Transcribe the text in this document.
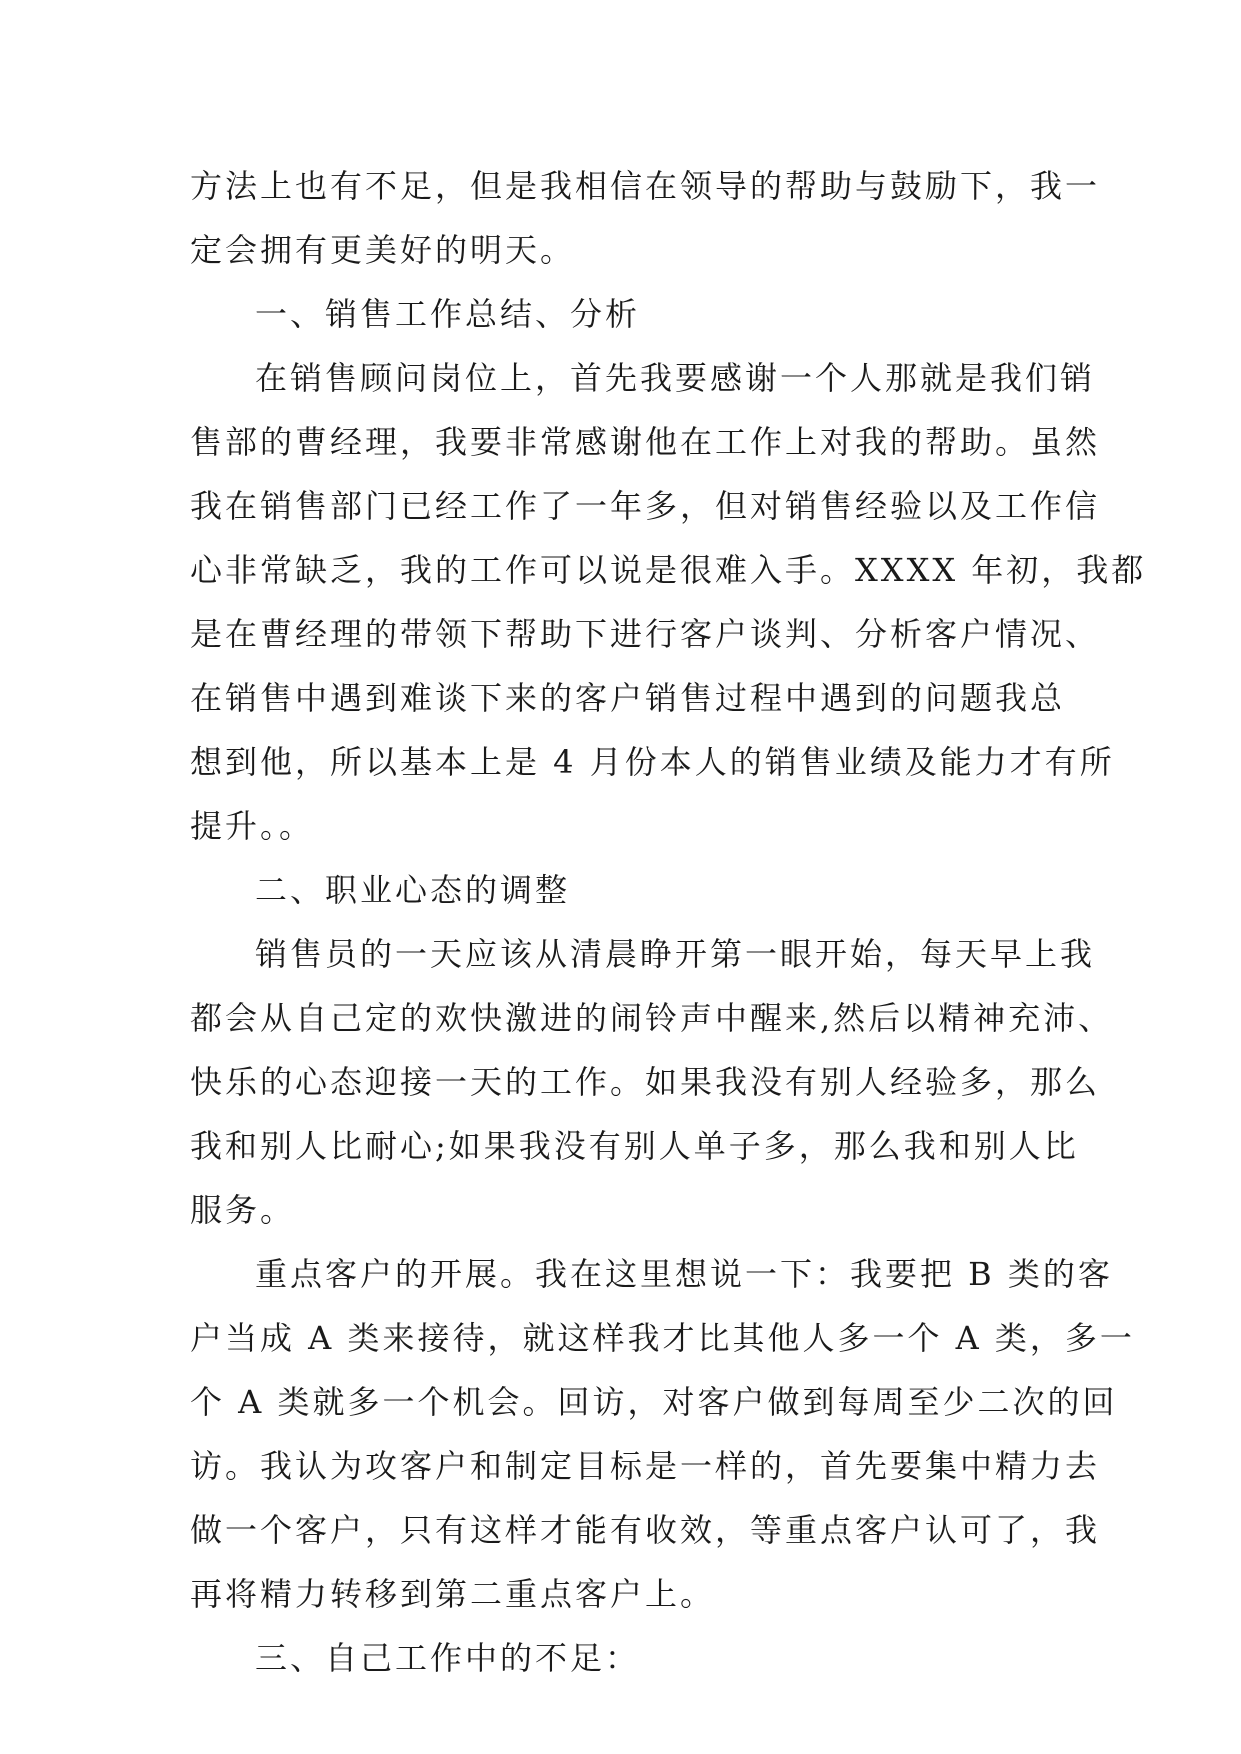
方法上也有不足，但是我相信在领导的帮助与鼓励下，我一
定会拥有更美好的明天。
一、销售工作总结、分析
在销售顾问岗位上，首先我要感谢一个人那就是我们销
售部的曹经理，我要非常感谢他在工作上对我的帮助。虽然
我在销售部门已经工作了一年多，但对销售经验以及工作信
心非常缺乏，我的工作可以说是很难入手。XXXX 年初，我都
是在曹经理的带领下帮助下进行客户谈判、分析客户情况、
在销售中遇到难谈下来的客户销售过程中遇到的问题我总
想到他，所以基本上是 4 月份本人的销售业绩及能力才有所
提升。。
二、职业心态的调整
销售员的一天应该从清晨睁开第一眼开始，每天早上我
都会从自己定的欢快激进的闹铃声中醒来,然后以精神充沛、
快乐的心态迎接一天的工作。如果我没有别人经验多，那么
我和别人比耐心;如果我没有别人单子多，那么我和别人比
服务。
重点客户的开展。我在这里想说一下：我要把 B 类的客
户当成 A 类来接待，就这样我才比其他人多一个 A 类，多一
个 A 类就多一个机会。回访，对客户做到每周至少二次的回
访。我认为攻客户和制定目标是一样的，首先要集中精力去
做一个客户，只有这样才能有收效，等重点客户认可了，我
再将精力转移到第二重点客户上。
三、自己工作中的不足：
